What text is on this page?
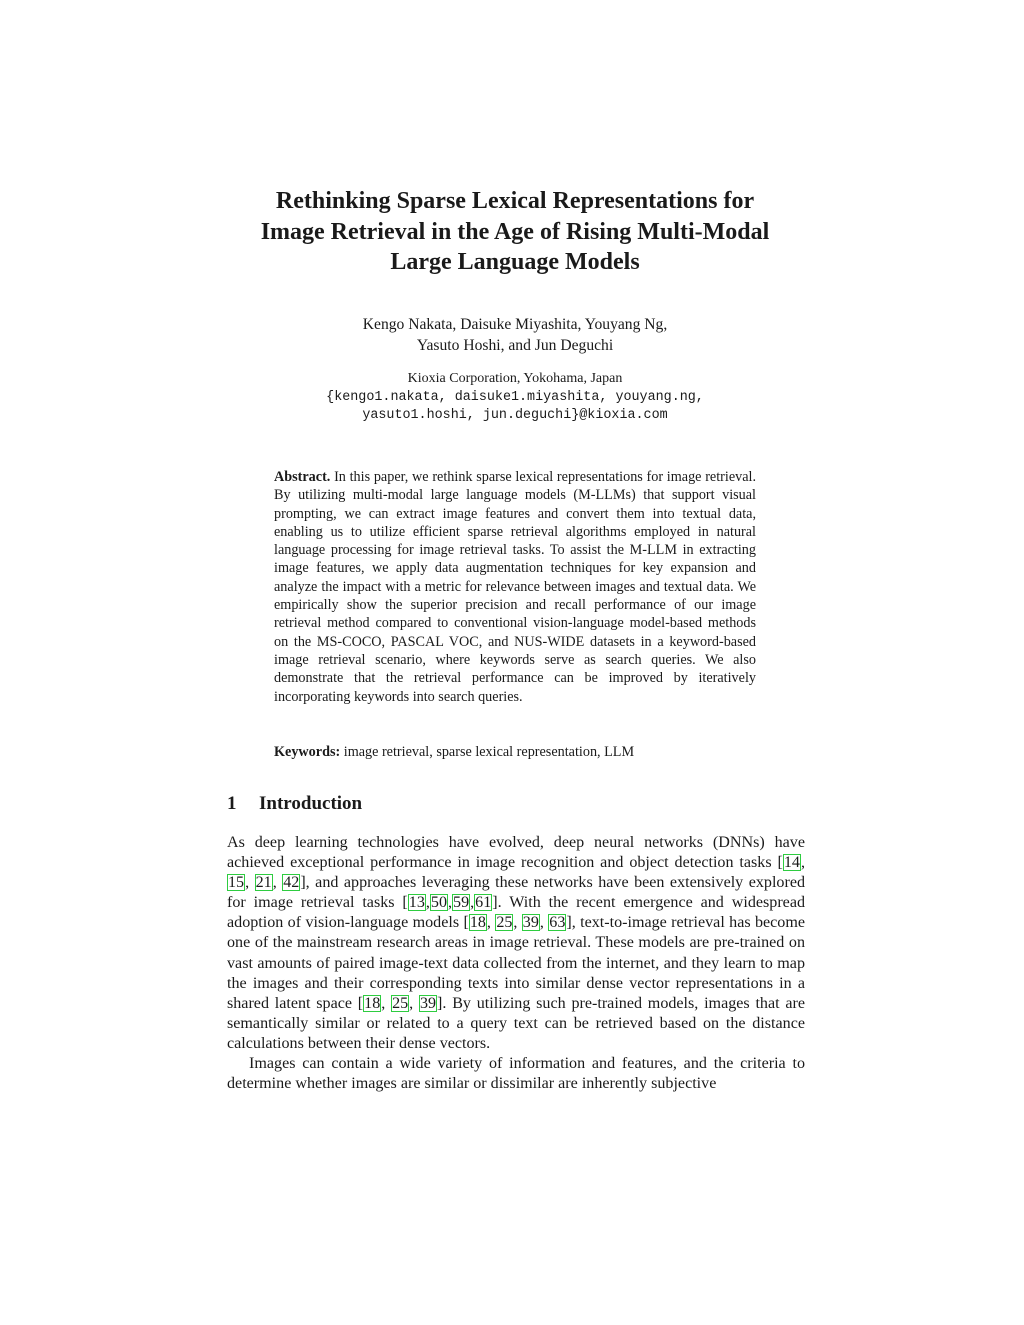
Rethinking Sparse Lexical Representations for
Image Retrieval in the Age of Rising Multi-Modal
Large Language Models
Kengo Nakata, Daisuke Miyashita, Youyang Ng,
Yasuto Hoshi, and Jun Deguchi
Kioxia Corporation, Yokohama, Japan
{kengo1.nakata, daisuke1.miyashita, youyang.ng,
yasuto1.hoshi, jun.deguchi}@kioxia.com
Abstract. In this paper, we rethink sparse lexical representations for image retrieval. By utilizing multi-modal large language models (M-LLMs) that support visual prompting, we can extract image features and convert them into textual data, enabling us to utilize efficient sparse retrieval algorithms employed in natural language processing for image retrieval tasks. To assist the M-LLM in extracting image features, we apply data augmentation techniques for key expansion and analyze the impact with a metric for relevance between images and textual data. We empirically show the superior precision and recall performance of our image retrieval method compared to conventional vision-language model-based methods on the MS-COCO, PASCAL VOC, and NUS-WIDE datasets in a keyword-based image retrieval scenario, where keywords serve as search queries. We also demonstrate that the retrieval performance can be improved by iteratively incorporating keywords into search queries.
Keywords: image retrieval, sparse lexical representation, LLM
1 Introduction

As deep learning technologies have evolved, deep neural networks (DNNs) have achieved exceptional performance in image recognition and object detection tasks [14, 15, 21, 42], and approaches leveraging these networks have been extensively explored for image retrieval tasks [13,50,59,61]. With the recent emergence and widespread adoption of vision-language models [18, 25, 39, 63], text-to-image retrieval has become one of the mainstream research areas in image retrieval. These models are pre-trained on vast amounts of paired image-text data collected from the internet, and they learn to map the images and their corresponding texts into similar dense vector representations in a shared latent space [18, 25, 39]. By utilizing such pre-trained models, images that are semantically similar or related to a query text can be retrieved based on the distance calculations between their dense vectors.

Images can contain a wide variety of information and features, and the criteria to determine whether images are similar or dissimilar are inherently subjective
